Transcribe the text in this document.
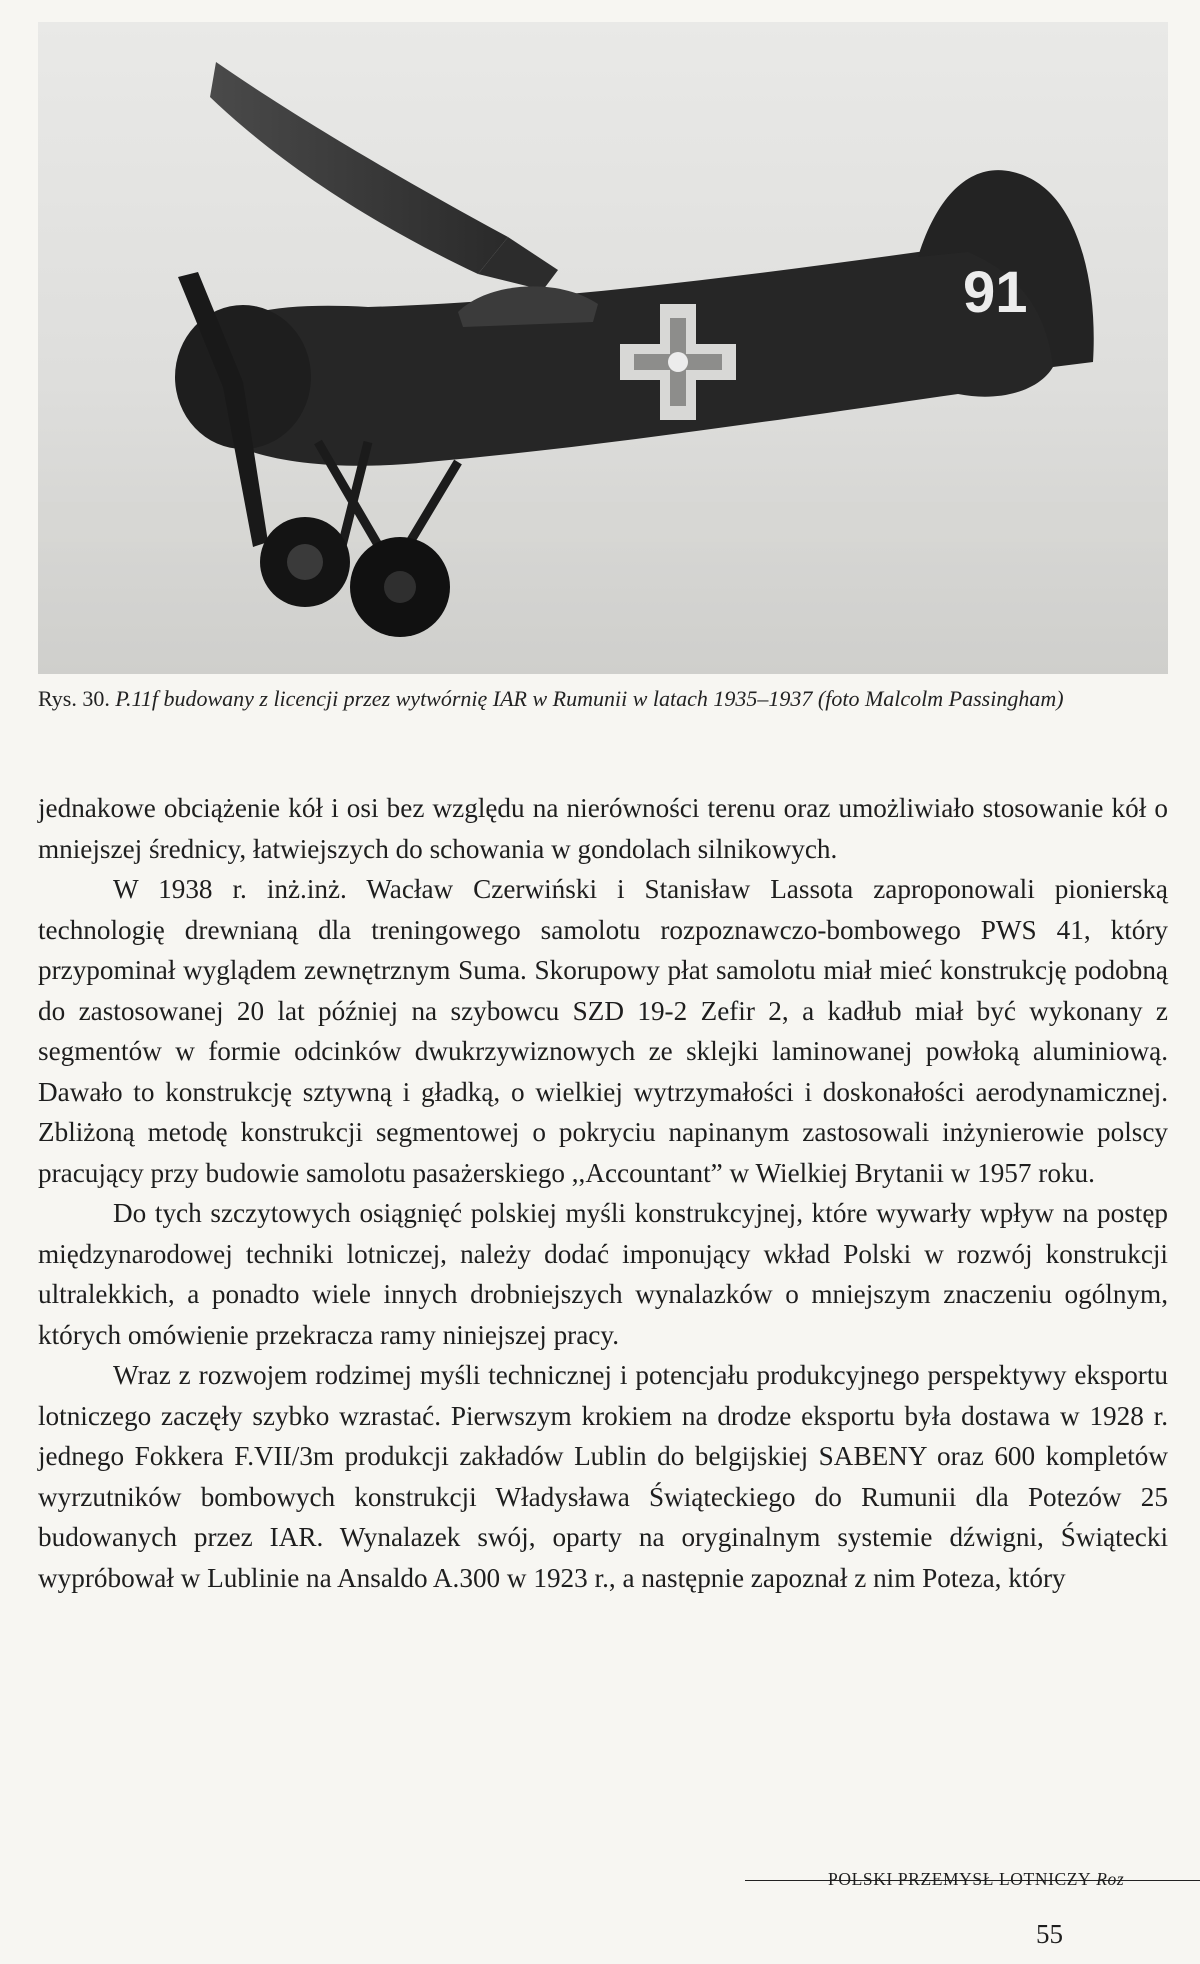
91
Rys. 30. P.11f budowany z licencji przez wytwórnię IAR w Rumunii w latach 1935–1937 (foto Malcolm Passingham)

jednakowe obciążenie kół i osi bez względu na nierówności terenu oraz umożliwiało stosowanie kół o mniejszej średnicy, łatwiejszych do schowania w gondolach silnikowych.

W 1938 r. inż.inż. Wacław Czerwiński i Stanisław Lassota zaproponowali pionierską technologię drewnianą dla treningowego samolotu rozpoznawczo-bombowego PWS 41, który przypominał wyglądem zewnętrznym Suma. Skorupowy płat samolotu miał mieć konstrukcję podobną do zastosowanej 20 lat później na szybowcu SZD 19-2 Zefir 2, a kadłub miał być wykonany z segmentów w formie odcinków dwukrzywiznowych ze sklejki laminowanej powłoką aluminiową. Dawało to konstrukcję sztywną i gładką, o wielkiej wytrzymałości i doskonałości aerodynamicznej. Zbliżoną metodę konstrukcji segmentowej o pokryciu napinanym zastosowali inżynierowie polscy pracujący przy budowie samolotu pasażerskiego ,,Accountant” w Wielkiej Brytanii w 1957 roku.

Do tych szczytowych osiągnięć polskiej myśli konstrukcyjnej, które wywarły wpływ na postęp międzynarodowej techniki lotniczej, należy dodać imponujący wkład Polski w rozwój konstrukcji ultralekkich, a ponadto wiele innych drobniejszych wynalazków o mniejszym znaczeniu ogólnym, których omówienie przekracza ramy niniejszej pracy.

Wraz z rozwojem rodzimej myśli technicznej i potencjału produkcyjnego perspektywy eksportu lotniczego zaczęły szybko wzrastać. Pierwszym krokiem na drodze eksportu była dostawa w 1928 r. jednego Fokkera F.VII/3m produkcji zakładów Lublin do belgijskiej SABENY oraz 600 kompletów wyrzutników bombowych konstrukcji Władysława Świąteckiego do Rumunii dla Potezów 25 budowanych przez IAR. Wynalazek swój, oparty na oryginalnym systemie dźwigni, Świątecki wypróbował w Lublinie na Ansaldo A.300 w 1923 r., a następnie zapoznał z nim Poteza, który

POLSKI PRZEMYSŁ LOTNICZY Roz
55
